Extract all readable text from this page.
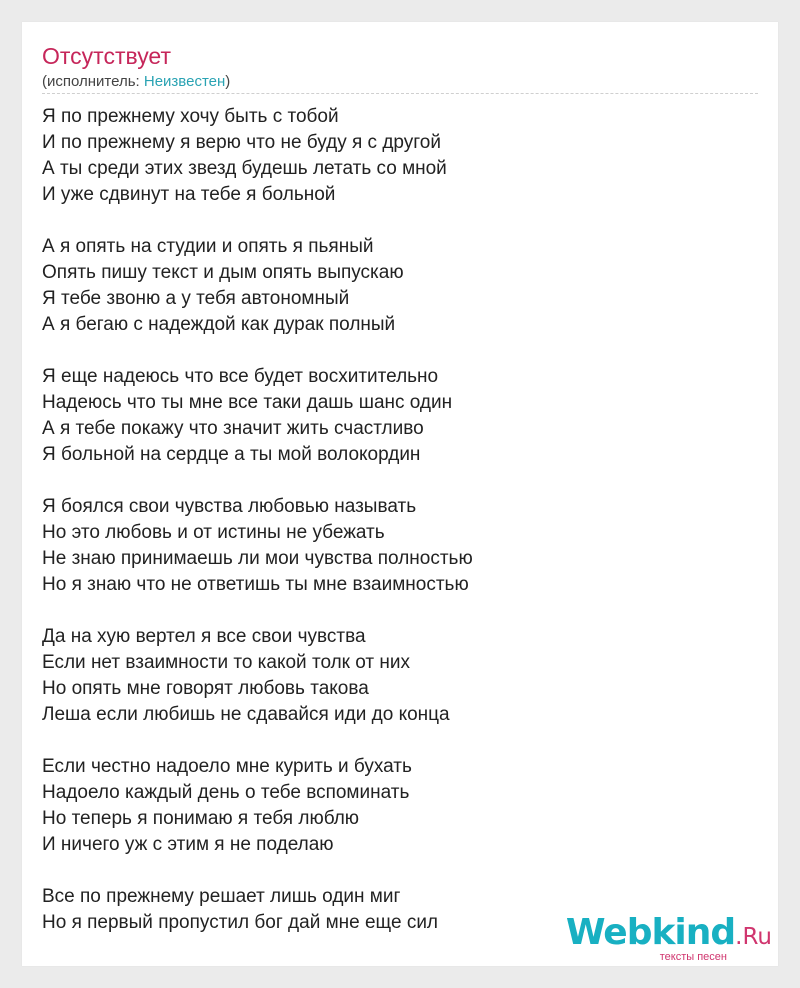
Отсутствует
(исполнитель: Неизвестен)
Я по прежнему хочу быть с тобой
И по прежнему я верю что не буду я с другой
А ты среди этих звезд будешь летать со мной
И уже сдвинут на тебе я больной
А я опять на студии и опять я пьяный
Опять пишу текст и дым опять выпускаю
Я тебе звоню а у тебя автономный
А я бегаю с надеждой как дурак полный
Я еще надеюсь что все будет восхитительно
Надеюсь что ты мне все таки дашь шанс один
А я тебе покажу что значит жить счастливо
Я больной на сердце а ты мой волокордин
Я боялся свои чувства любовью называть
Но это любовь и от истины не убежать
Не знаю принимаешь ли мои чувства полностью
Но я знаю что не ответишь ты мне взаимностью
Да на хую вертел я все свои чувства
Если нет взаимности то какой толк от них
Но опять мне говорят любовь такова
Леша если любишь не сдавайся иди до конца
Если честно надоело мне курить и бухать
Надоело каждый день о тебе вспоминать
Но теперь я понимаю я тебя люблю
И ничего уж с этим я не поделаю
Все по прежнему решает лишь один миг
Но я первый пропустил бог дай мне еще сил	Webkind.Ru
тексты песен
